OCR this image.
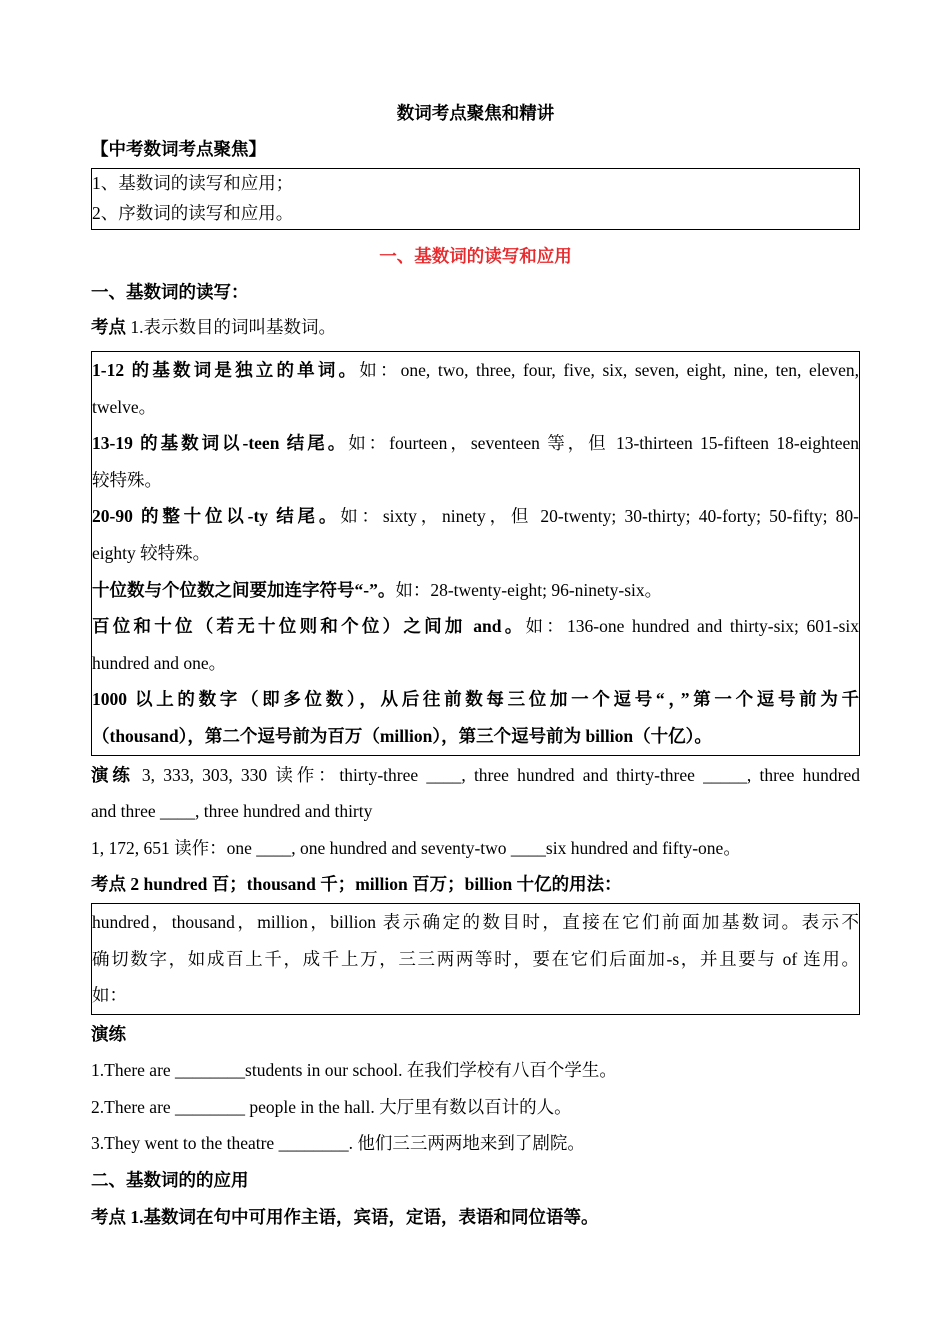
数词考点聚焦和精讲
【中考数词考点聚焦】
1、基数词的读写和应用；
2、序数词的读写和应用。
一、基数词的读写和应用
一、基数词的读写：
考点 1.表示数目的词叫基数词。
1-12 的基数词是独立的单词。如：one, two, three, four, five, six, seven, eight, nine, ten, eleven,
twelve。
13-19 的基数词以-teen 结尾。如：fourteen，seventeen 等，但 13-thirteen 15-fifteen 18-eighteen
较特殊。
20-90 的整十位以-ty 结尾。如：sixty，ninety，但 20-twenty; 30-thirty; 40-forty; 50-fifty; 80-
eighty 较特殊。
十位数与个位数之间要加连字符号“-”。如：28-twenty-eight; 96-ninety-six。
百位和十位（若无十位则和个位）之间加 and。如：136-one hundred and thirty-six; 601-six
hundred and one。
1000 以上的数字（即多位数），从后往前数每三位加一个逗号“，”第一个逗号前为千
（thousand），第二个逗号前为百万（million），第三个逗号前为 billion（十亿）。
演练 3, 333, 303, 330 读作：thirty-three ____, three hundred and thirty-three _____, three hundred
and three ____, three hundred and thirty
1, 172, 651 读作：one ____, one hundred and seventy-two ____six hundred and fifty-one。
考点 2 hundred 百；thousand 千；million 百万；billion 十亿的用法：
hundred，thousand，million，billion 表示确定的数目时，直接在它们前面加基数词。表示不
确切数字，如成百上千，成千上万，三三两两等时，要在它们后面加-s，并且要与 of 连用。
如：
演练
1.There are ________students in our school. 在我们学校有八百个学生。
2.There are ________ people in the hall. 大厅里有数以百计的人。
3.They went to the theatre ________. 他们三三两两地来到了剧院。
二、基数词的的应用
考点 1.基数词在句中可用作主语，宾语，定语，表语和同位语等。
